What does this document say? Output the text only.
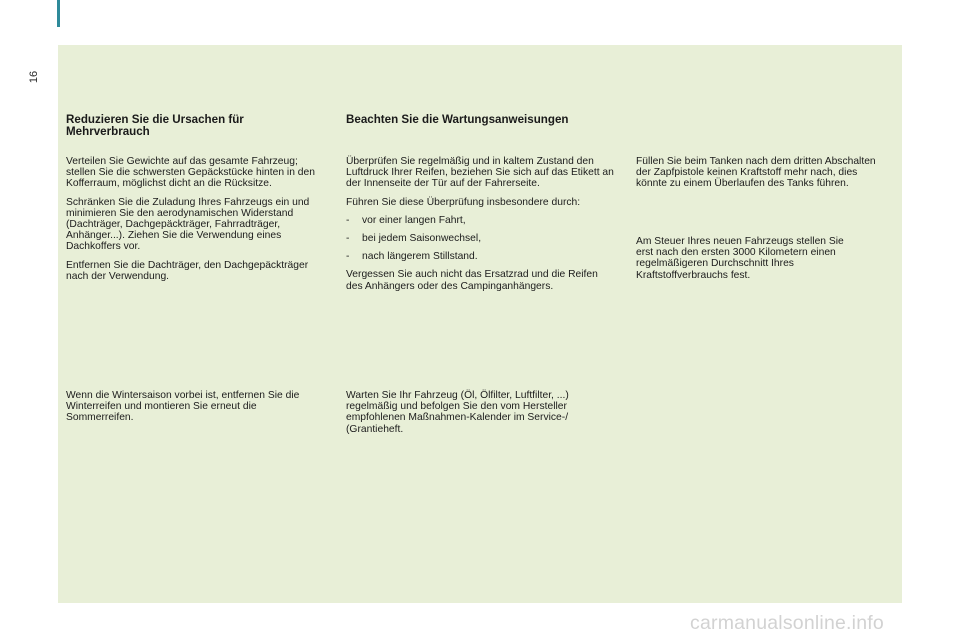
16
Reduzieren Sie die Ursachen für Mehrverbrauch

Verteilen Sie Gewichte auf das gesamte Fahrzeug; stellen Sie die schwersten Gepäckstücke hinten in den Kofferraum, möglichst dicht an die Rücksitze.

Schränken Sie die Zuladung Ihres Fahrzeugs ein und minimieren Sie den aerodynamischen Widerstand (Dachträger, Dachgepäckträger, Fahrradträger, Anhänger...). Ziehen Sie die Verwendung eines Dachkoffers vor.

Entfernen Sie die Dachträger, den Dachgepäckträger nach der Verwendung.

Wenn die Wintersaison vorbei ist, entfernen Sie die Winterreifen und montieren Sie erneut die Sommerreifen.

Beachten Sie die Wartungsanweisungen

Überprüfen Sie regelmäßig und in kaltem Zustand den Luftdruck Ihrer Reifen, beziehen Sie sich auf das Etikett an der Innenseite der Tür auf der Fahrerseite.

Führen Sie diese Überprüfung insbesondere durch:

-	vor einer langen Fahrt,
-	bei jedem Saisonwechsel,
-	nach längerem Stillstand.

Vergessen Sie auch nicht das Ersatzrad und die Reifen des Anhängers oder des Campinganhängers.

Warten Sie Ihr Fahrzeug (Öl, Ölfilter, Luftfilter, ...) regelmäßig und befolgen Sie den vom Hersteller empfohlenen Maßnahmen-Kalender im Service-/ (Grantieheft.

Füllen Sie beim Tanken nach dem dritten Abschalten der Zapfpistole keinen Kraftstoff mehr nach, dies könnte zu einem Überlaufen des Tanks führen.

Am Steuer Ihres neuen Fahrzeugs stellen Sie erst nach den ersten 3000 Kilometern einen regelmäßigeren Durchschnitt Ihres Kraftstoffverbrauchs fest.

carmanualsonline.info
